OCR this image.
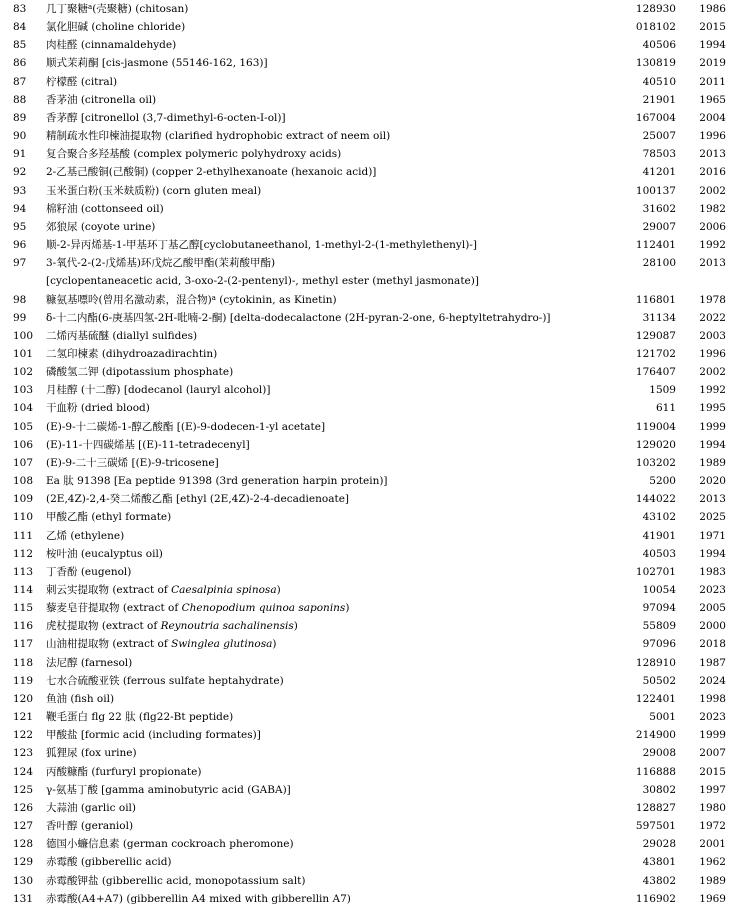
83	几丁聚糖$^a$(壳聚糖) (chitosan)	128930	1986
84	氯化胆碱 (choline chloride)	018102	2015
85	肉桂醛 (cinnamaldehyde)	40506	1994
86	顺式茉莉酮 [cis-jasmone (55146-162, 163)]	130819	2019
87	柠檬醛 (citral)	40510	2011
88	香茅油 (citronella oil)	21901	1965
89	香茅醇 [citronellol (3,7-dimethyl-6-octen-I-ol)]	167004	2004
90	精制疏水性印楝油提取物 (clarified hydrophobic extract of neem oil)	25007	1996
91	复合聚合多羟基酸 (complex polymeric polyhydroxy acids)	78503	2013
92	2-乙基己酸铜(己酸铜) (copper 2-ethylhexanoate (hexanoic acid)]	41201	2016
93	玉米蛋白粉(玉米麸质粉) (corn gluten meal)	100137	2002
94	棉籽油 (cottonseed oil)	31602	1982
95	郊狼尿 (coyote urine)	29007	2006
96	顺-2-异丙烯基-1-甲基环丁基乙醇[cyclobutaneethanol, 1-methyl-2-(1-methylethenyl)-]	112401	1992
97	3-氧代-2-(2-戊烯基)环戊烷乙酸甲酯(茉莉酸甲酯)	28100	2013
[cyclopentaneacetic acid, 3-oxo-2-(2-pentenyl)-, methyl ester (methyl jasmonate)]
98	糠氨基嘌呤(曾用名激动素，混合物)$^a$ (cytokinin, as Kinetin)	116801	1978
99	δ-十二内酯(6-庚基四氢-2H-吡喃-2-酮) [delta-dodecalactone (2H-pyran-2-one, 6-heptyltetrahydro-)]	31134	2022
100	二烯丙基硫醚 (diallyl sulfides)	129087	2003
101	二氢印楝素 (dihydroazadirachtin)	121702	1996
102	磷酸氢二钾 (dipotassium phosphate)	176407	2002
103	月桂醇 (十二醇) [dodecanol (lauryl alcohol)]	1509	1992
104	干血粉 (dried blood)	611	1995
105	(E)-9-十二碳烯-1-醇乙酸酯 [(E)-9-dodecen-1-yl acetate]	119004	1999
106	(E)-11-十四碳烯基 [(E)-11-tetradecenyl]	129020	1994
107	(E)-9-二十三碳烯 [(E)-9-tricosene]	103202	1989
108	Ea 肽 91398 [Ea peptide 91398 (3rd generation harpin protein)]	5200	2020
109	(2E,4Z)-2,4-癸二烯酸乙酯 [ethyl (2E,4Z)-2-4-decadienoate]	144022	2013
110	甲酸乙酯 (ethyl formate)	43102	2025
111	乙烯 (ethylene)	41901	1971
112	桉叶油 (eucalyptus oil)	40503	1994
113	丁香酚 (eugenol)	102701	1983
114	刺云实提取物 (extract of Caesalpinia spinosa)	10054	2023
115	藜麦皂苷提取物 (extract of Chenopodium quinoa saponins)	97094	2005
116	虎杖提取物 (extract of Reynoutria sachalinensis)	55809	2000
117	山油柑提取物 (extract of Swinglea glutinosa)	97096	2018
118	法尼醇 (farnesol)	128910	1987
119	七水合硫酸亚铁 (ferrous sulfate heptahydrate)	50502	2024
120	鱼油 (fish oil)	122401	1998
121	鞭毛蛋白 flg 22 肽 (flg22-Bt peptide)	5001	2023
122	甲酸盐 [formic acid (including formates)]	214900	1999
123	狐狸尿 (fox urine)	29008	2007
124	丙酸糠酯 (furfuryl propionate)	116888	2015
125	γ-氨基丁酸 [gamma aminobutyric acid (GABA)]	30802	1997
126	大蒜油 (garlic oil)	128827	1980
127	香叶醇 (geraniol)	597501	1972
128	德国小蠊信息素 (german cockroach pheromone)	29028	2001
129	赤霉酸 (gibberellic acid)	43801	1962
130	赤霉酸钾盐 (gibberellic acid, monopotassium salt)	43802	1989
131	赤霉酸(A4+A7) (gibberellin A4 mixed with gibberellin A7)	116902	1969
